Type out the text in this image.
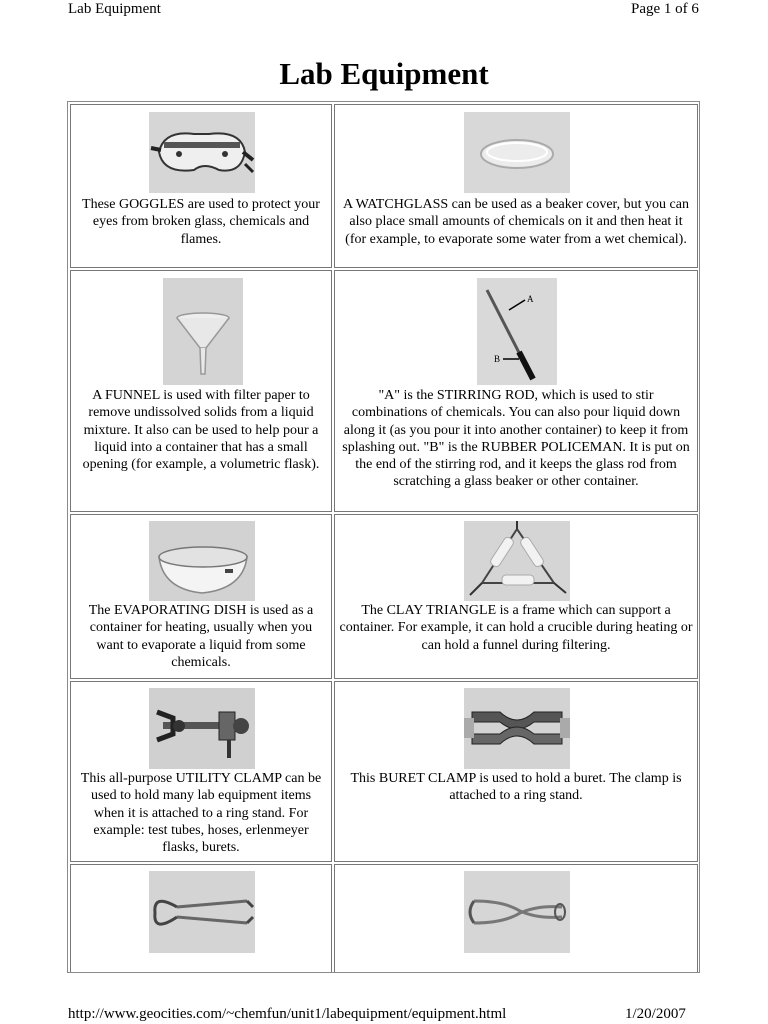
Lab Equipment	Page 1 of 6
Lab Equipment
These GOGGLES are used to protect your eyes from broken glass, chemicals and flames.
A WATCHGLASS can be used as a beaker cover, but you can also place small amounts of chemicals on it and then heat it (for example, to evaporate some water from a wet chemical).
A FUNNEL is used with filter paper to remove undissolved solids from a liquid mixture. It also can be used to help pour a liquid into a container that has a small opening (for example, a volumetric flask).
A
B
"A" is the STIRRING ROD, which is used to stir combinations of chemicals. You can also pour liquid down along it (as you pour it into another container) to keep it from splashing out. "B" is the RUBBER POLICEMAN. It is put on the end of the stirring rod, and it keeps the glass rod from scratching a glass beaker or other container.
The EVAPORATING DISH is used as a container for heating, usually when you want to evaporate a liquid from some chemicals.
The CLAY TRIANGLE is a frame which can support a container. For example, it can hold a crucible during heating or can hold a funnel during filtering.
This all-purpose UTILITY CLAMP can be used to hold many lab equipment items when it is attached to a ring stand. For example: test tubes, hoses, erlenmeyer flasks, burets.
This BURET CLAMP is used to hold a buret. The clamp is attached to a ring stand.
http://www.geocities.com/~chemfun/unit1/labequipment/equipment.html	1/20/2007
